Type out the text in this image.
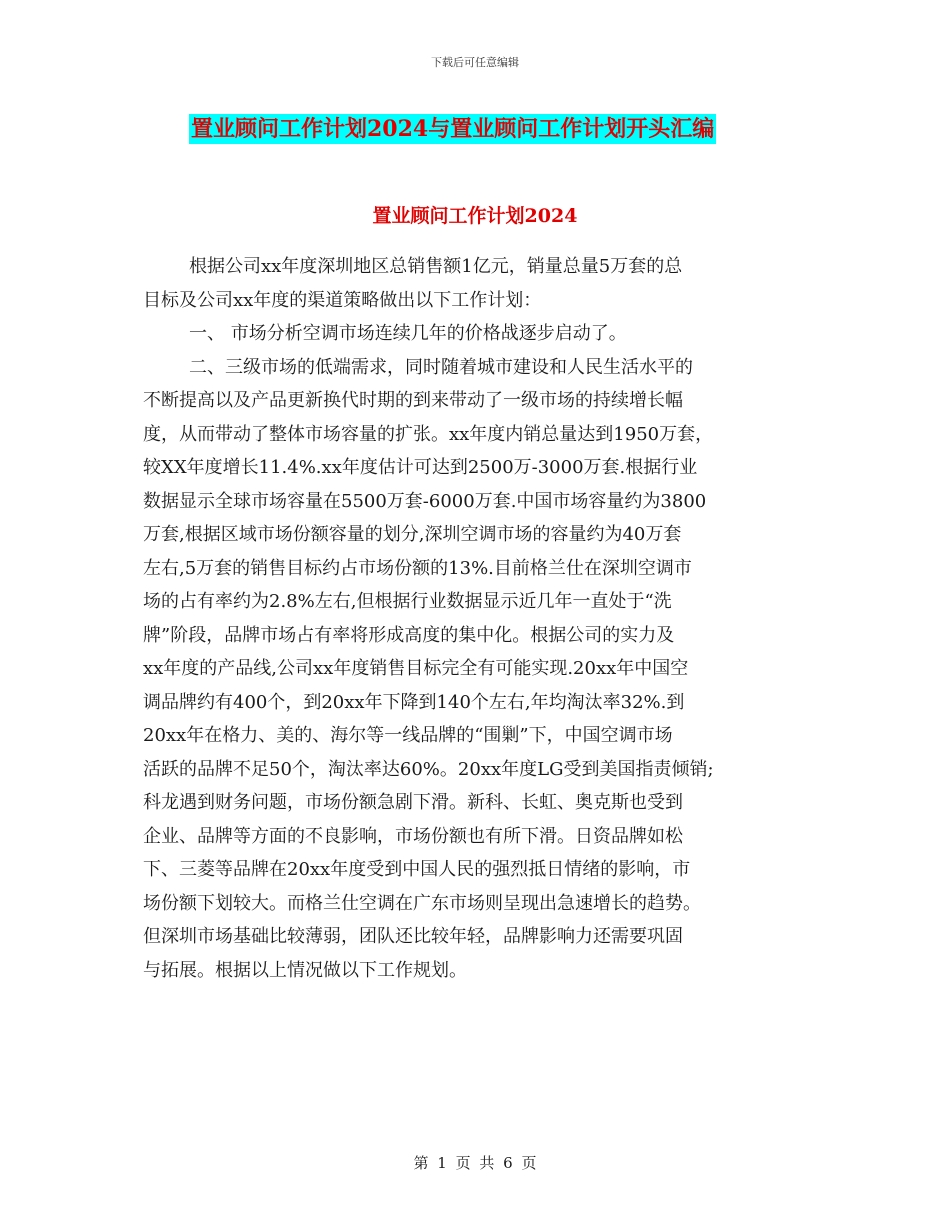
下载后可任意编辑
置业顾问工作计划2024与置业顾问工作计划开头汇编
置业顾问工作计划2024
根据公司xx年度深圳地区总销售额1亿元，销量总量5万套的总
目标及公司xx年度的渠道策略做出以下工作计划：
一、 市场分析空调市场连续几年的价格战逐步启动了。
二、三级市场的低端需求，同时随着城市建设和人民生活水平的
不断提高以及产品更新换代时期的到来带动了一级市场的持续增长幅
度，从而带动了整体市场容量的扩张。xx年度内销总量达到1950万套，
较XX年度增长11.4%.xx年度估计可达到2500万-3000万套.根据行业
数据显示全球市场容量在5500万套-6000万套.中国市场容量约为3800
万套,根据区域市场份额容量的划分,深圳空调市场的容量约为40万套
左右,5万套的销售目标约占市场份额的13%.目前格兰仕在深圳空调市
场的占有率约为2.8%左右,但根据行业数据显示近几年一直处于“洗
牌”阶段，品牌市场占有率将形成高度的集中化。根据公司的实力及
xx年度的产品线,公司xx年度销售目标完全有可能实现.20xx年中国空
调品牌约有400个，到20xx年下降到140个左右,年均淘汰率32%.到
20xx年在格力、美的、海尔等一线品牌的“围剿”下，中国空调市场
活跃的品牌不足50个，淘汰率达60%。20xx年度LG受到美国指责倾销;
科龙遇到财务问题，市场份额急剧下滑。新科、长虹、奥克斯也受到
企业、品牌等方面的不良影响，市场份额也有所下滑。日资品牌如松
下、三菱等品牌在20xx年度受到中国人民的强烈抵日情绪的影响，市
场份额下划较大。而格兰仕空调在广东市场则呈现出急速增长的趋势。
但深圳市场基础比较薄弱，团队还比较年轻，品牌影响力还需要巩固
与拓展。根据以上情况做以下工作规划。
第 1 页 共 6 页
